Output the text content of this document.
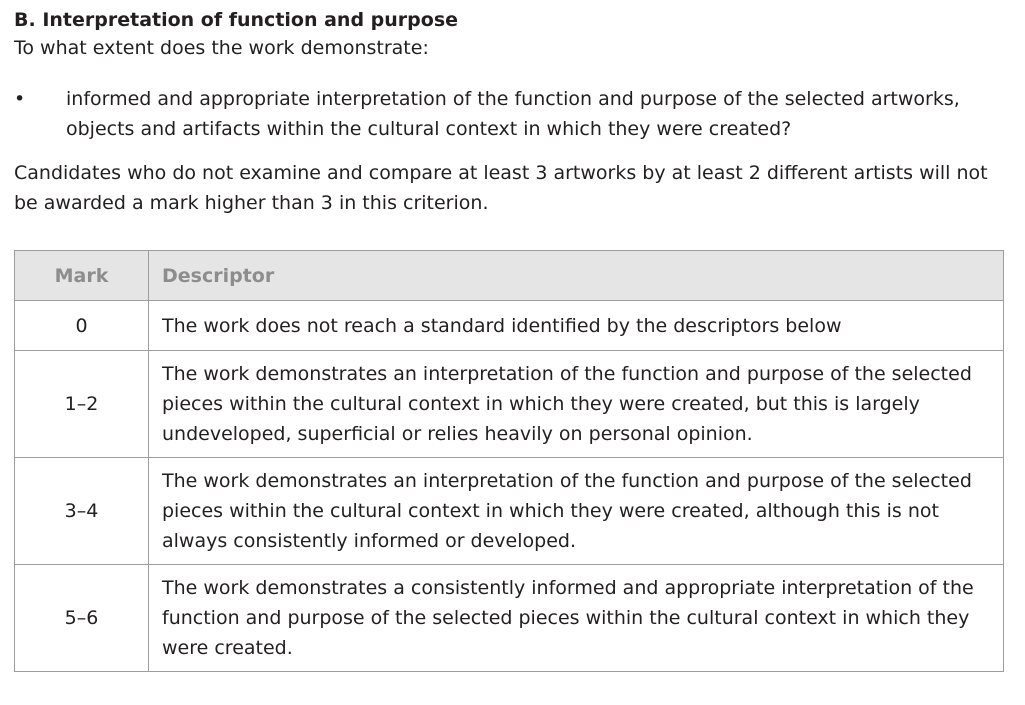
B. Interpretation of function and purpose

To what extent does the work demonstrate:

•	informed and appropriate interpretation of the function and purpose of the selected artworks, objects and artifacts within the cultural context in which they were created?
Candidates who do not examine and compare at least 3 artworks by at least 2 different artists will not be awarded a mark higher than 3 in this criterion.
Mark	Descriptor
0	The work does not reach a standard identified by the descriptors below
1–2	The work demonstrates an interpretation of the function and purpose of the selected pieces within the cultural context in which they were created, but this is largely undeveloped, superficial or relies heavily on personal opinion.
3–4	The work demonstrates an interpretation of the function and purpose of the selected pieces within the cultural context in which they were created, although this is not always consistently informed or developed.
5–6	The work demonstrates a consistently informed and appropriate interpretation of the function and purpose of the selected pieces within the cultural context in which they were created.
